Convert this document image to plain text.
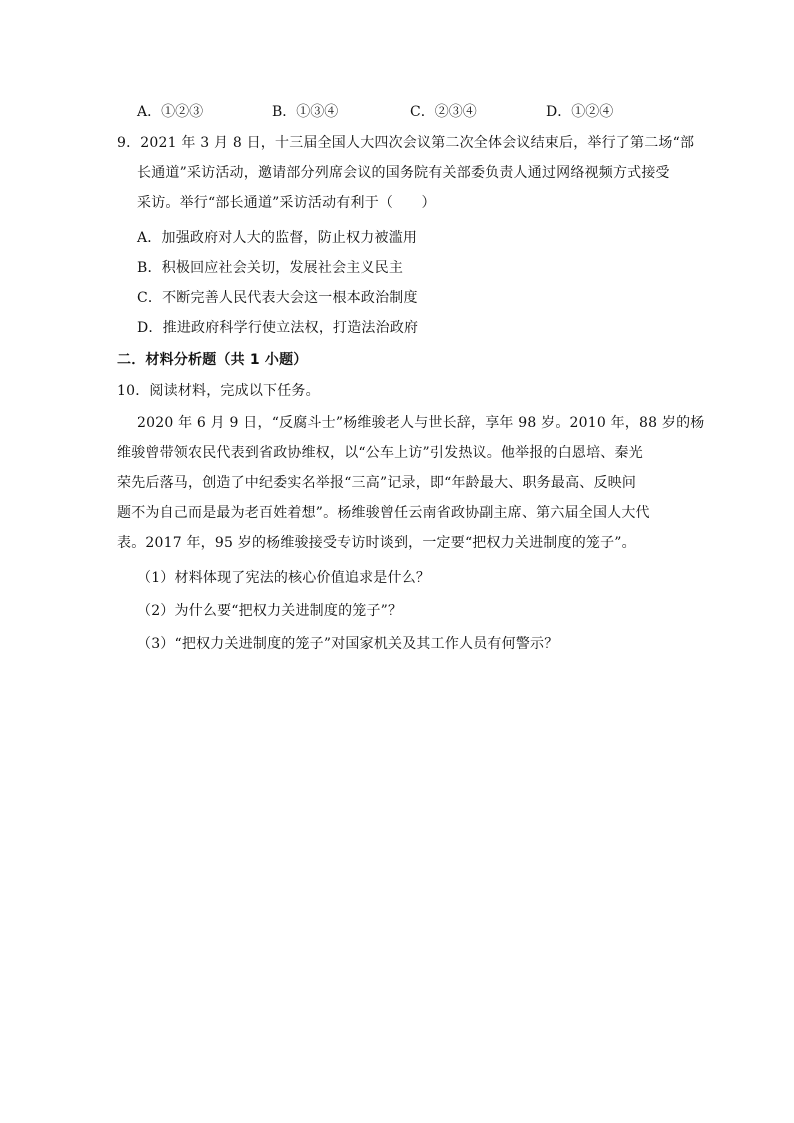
A．①②③	B．①③④	C．②③④	D．①②④
9．2021 年 3 月 8 日，十三届全国人大四次会议第二次全体会议结束后，举行了第二场“部
长通道”采访活动，邀请部分列席会议的国务院有关部委负责人通过网络视频方式接受
采访。举行“部长通道”采访活动有利于（　　）
A．加强政府对人大的监督，防止权力被滥用
B．积极回应社会关切，发展社会主义民主
C．不断完善人民代表大会这一根本政治制度
D．推进政府科学行使立法权，打造法治政府
二．材料分析题（共 1 小题）
10．阅读材料，完成以下任务。
2020 年 6 月 9 日，“反腐斗士”杨维骏老人与世长辞，享年 98 岁。2010 年，88 岁的杨
维骏曾带领农民代表到省政协维权，以“公车上访”引发热议。他举报的白恩培、秦光
荣先后落马，创造了中纪委实名举报“三高”记录，即“年龄最大、职务最高、反映问
题不为自己而是最为老百姓着想”。杨维骏曾任云南省政协副主席、第六届全国人大代
表。2017 年，95 岁的杨维骏接受专访时谈到，一定要“把权力关进制度的笼子”。
（1）材料体现了宪法的核心价值追求是什么？
（2）为什么要“把权力关进制度的笼子”？
（3）“把权力关进制度的笼子”对国家机关及其工作人员有何警示？
